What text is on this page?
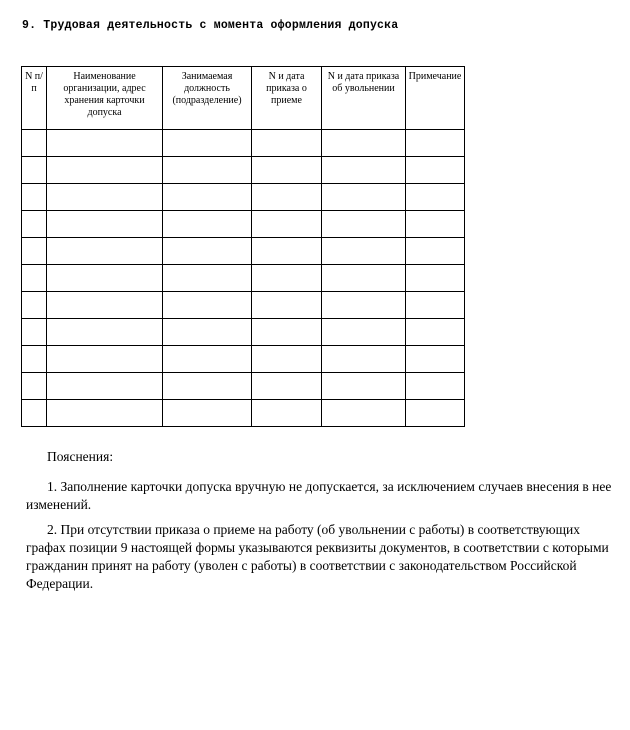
9. Трудовая деятельность с момента оформления допуска
N п/п	Наименование организации, адрес хранения карточки допуска	Занимаемая должность (подразделение)	N и дата приказа о приеме	N и дата приказа об увольнении	Примечание

Пояснения:

1. Заполнение карточки допуска вручную не допускается, за исключением случаев внесения в нее изменений.

2. При отсутствии приказа о приеме на работу (об увольнении с работы) в соответствующих графах позиции 9 настоящей формы указываются реквизиты документов, в соответствии с которыми гражданин принят на работу (уволен с работы) в соответствии с законодательством Российской Федерации.
